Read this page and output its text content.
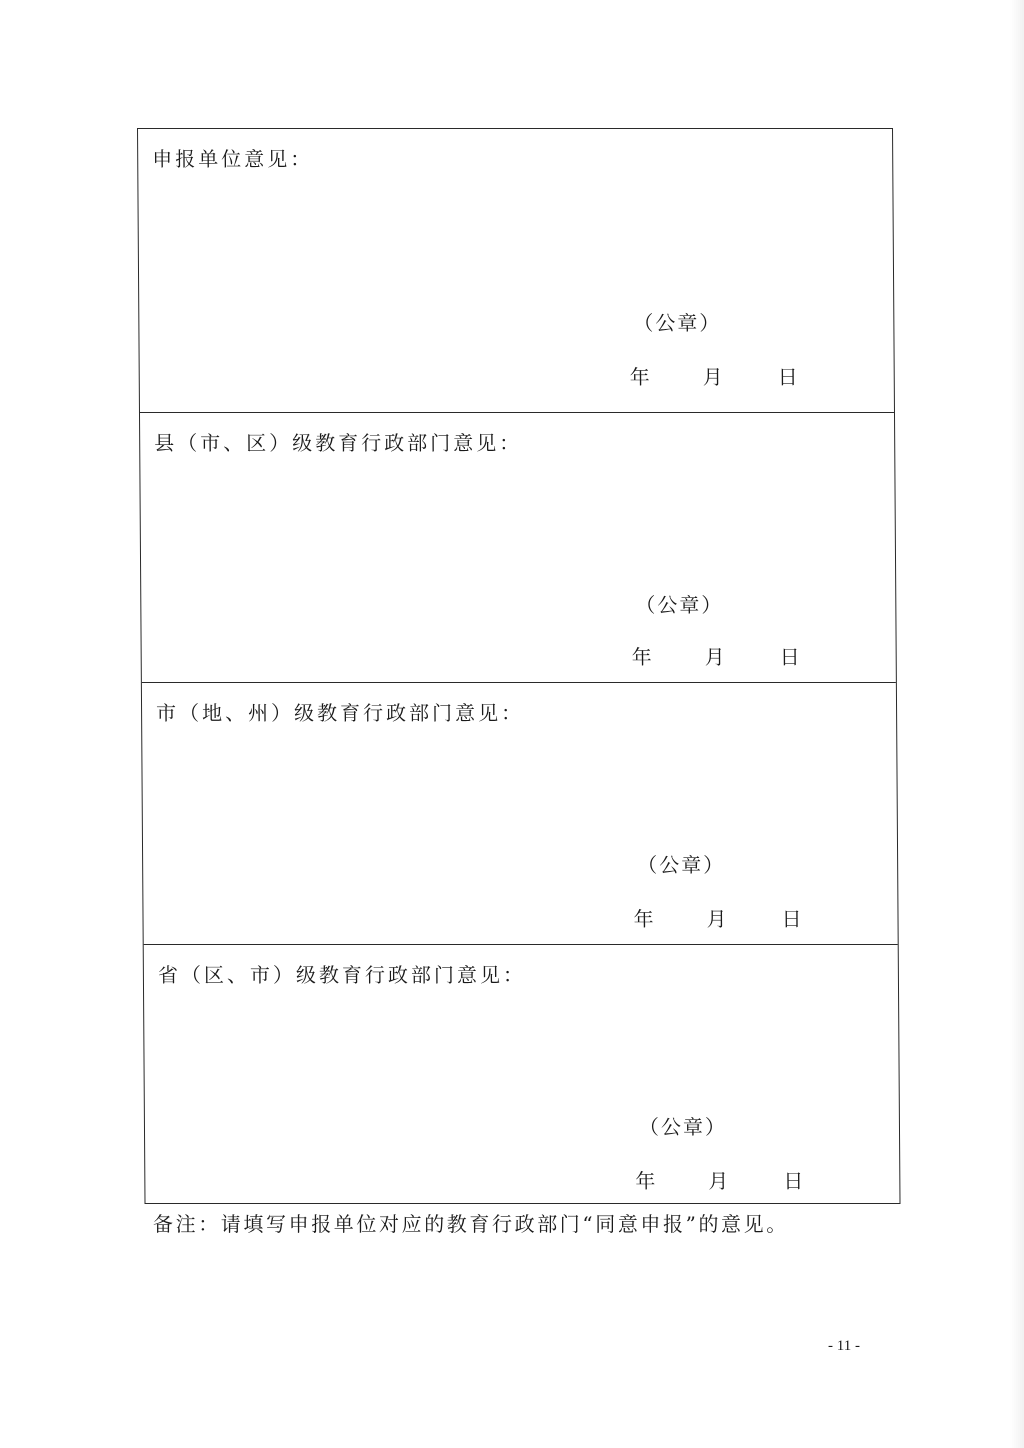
申报单位意见：
（公章）
年	月	日
县（市、区）级教育行政部门意见：
（公章）
年	月	日
市（地、州）级教育行政部门意见：
（公章）
年	月	日
省（区、市）级教育行政部门意见：
（公章）
年	月	日
备注：请填写申报单位对应的教育行政部门“同意申报”的意见。
- 11 -
